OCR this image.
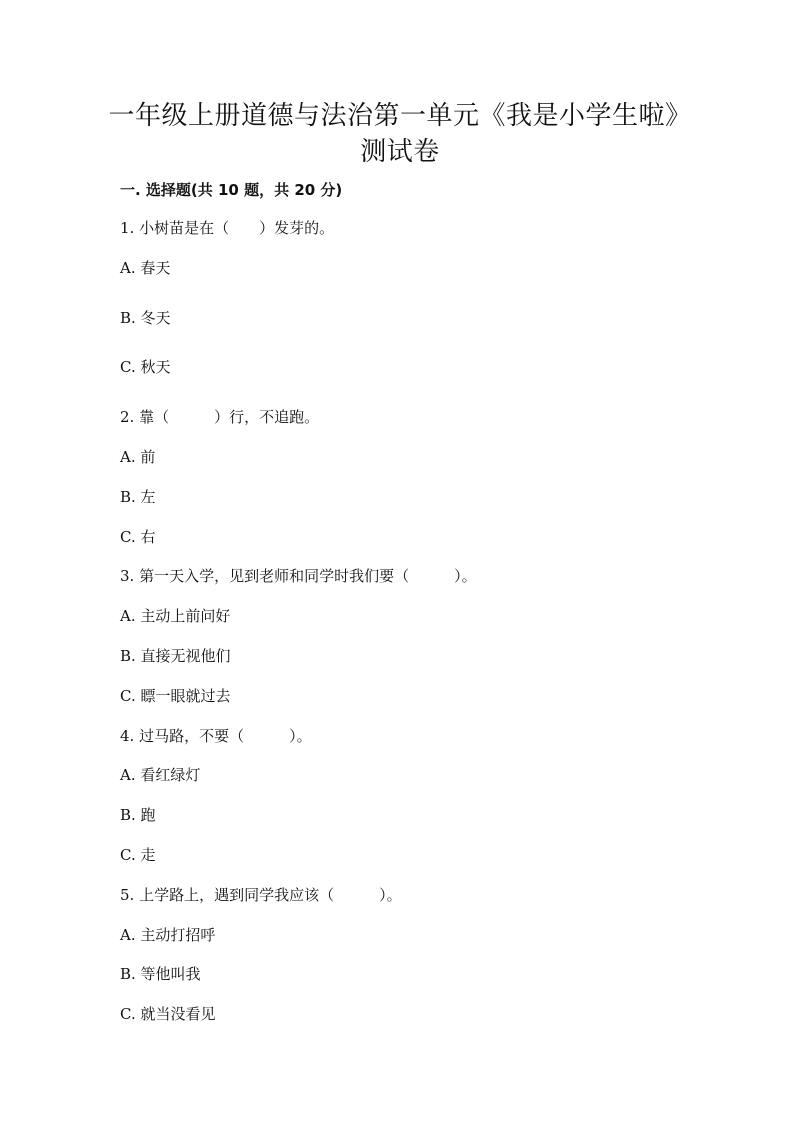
一年级上册道德与法治第一单元《我是小学生啦》

测试卷

一. 选择题(共 10 题，共 20 分)

1. 小树苗是在（　　）发芽的。

A. 春天

B. 冬天

C. 秋天

2. 靠（　　　）行，不追跑。

A. 前

B. 左

C. 右

3. 第一天入学，见到老师和同学时我们要（　　　）。

A. 主动上前问好

B. 直接无视他们

C. 瞟一眼就过去

4. 过马路，不要（　　　）。

A. 看红绿灯

B. 跑

C. 走

5. 上学路上，遇到同学我应该（　　　）。

A. 主动打招呼

B. 等他叫我

C. 就当没看见
